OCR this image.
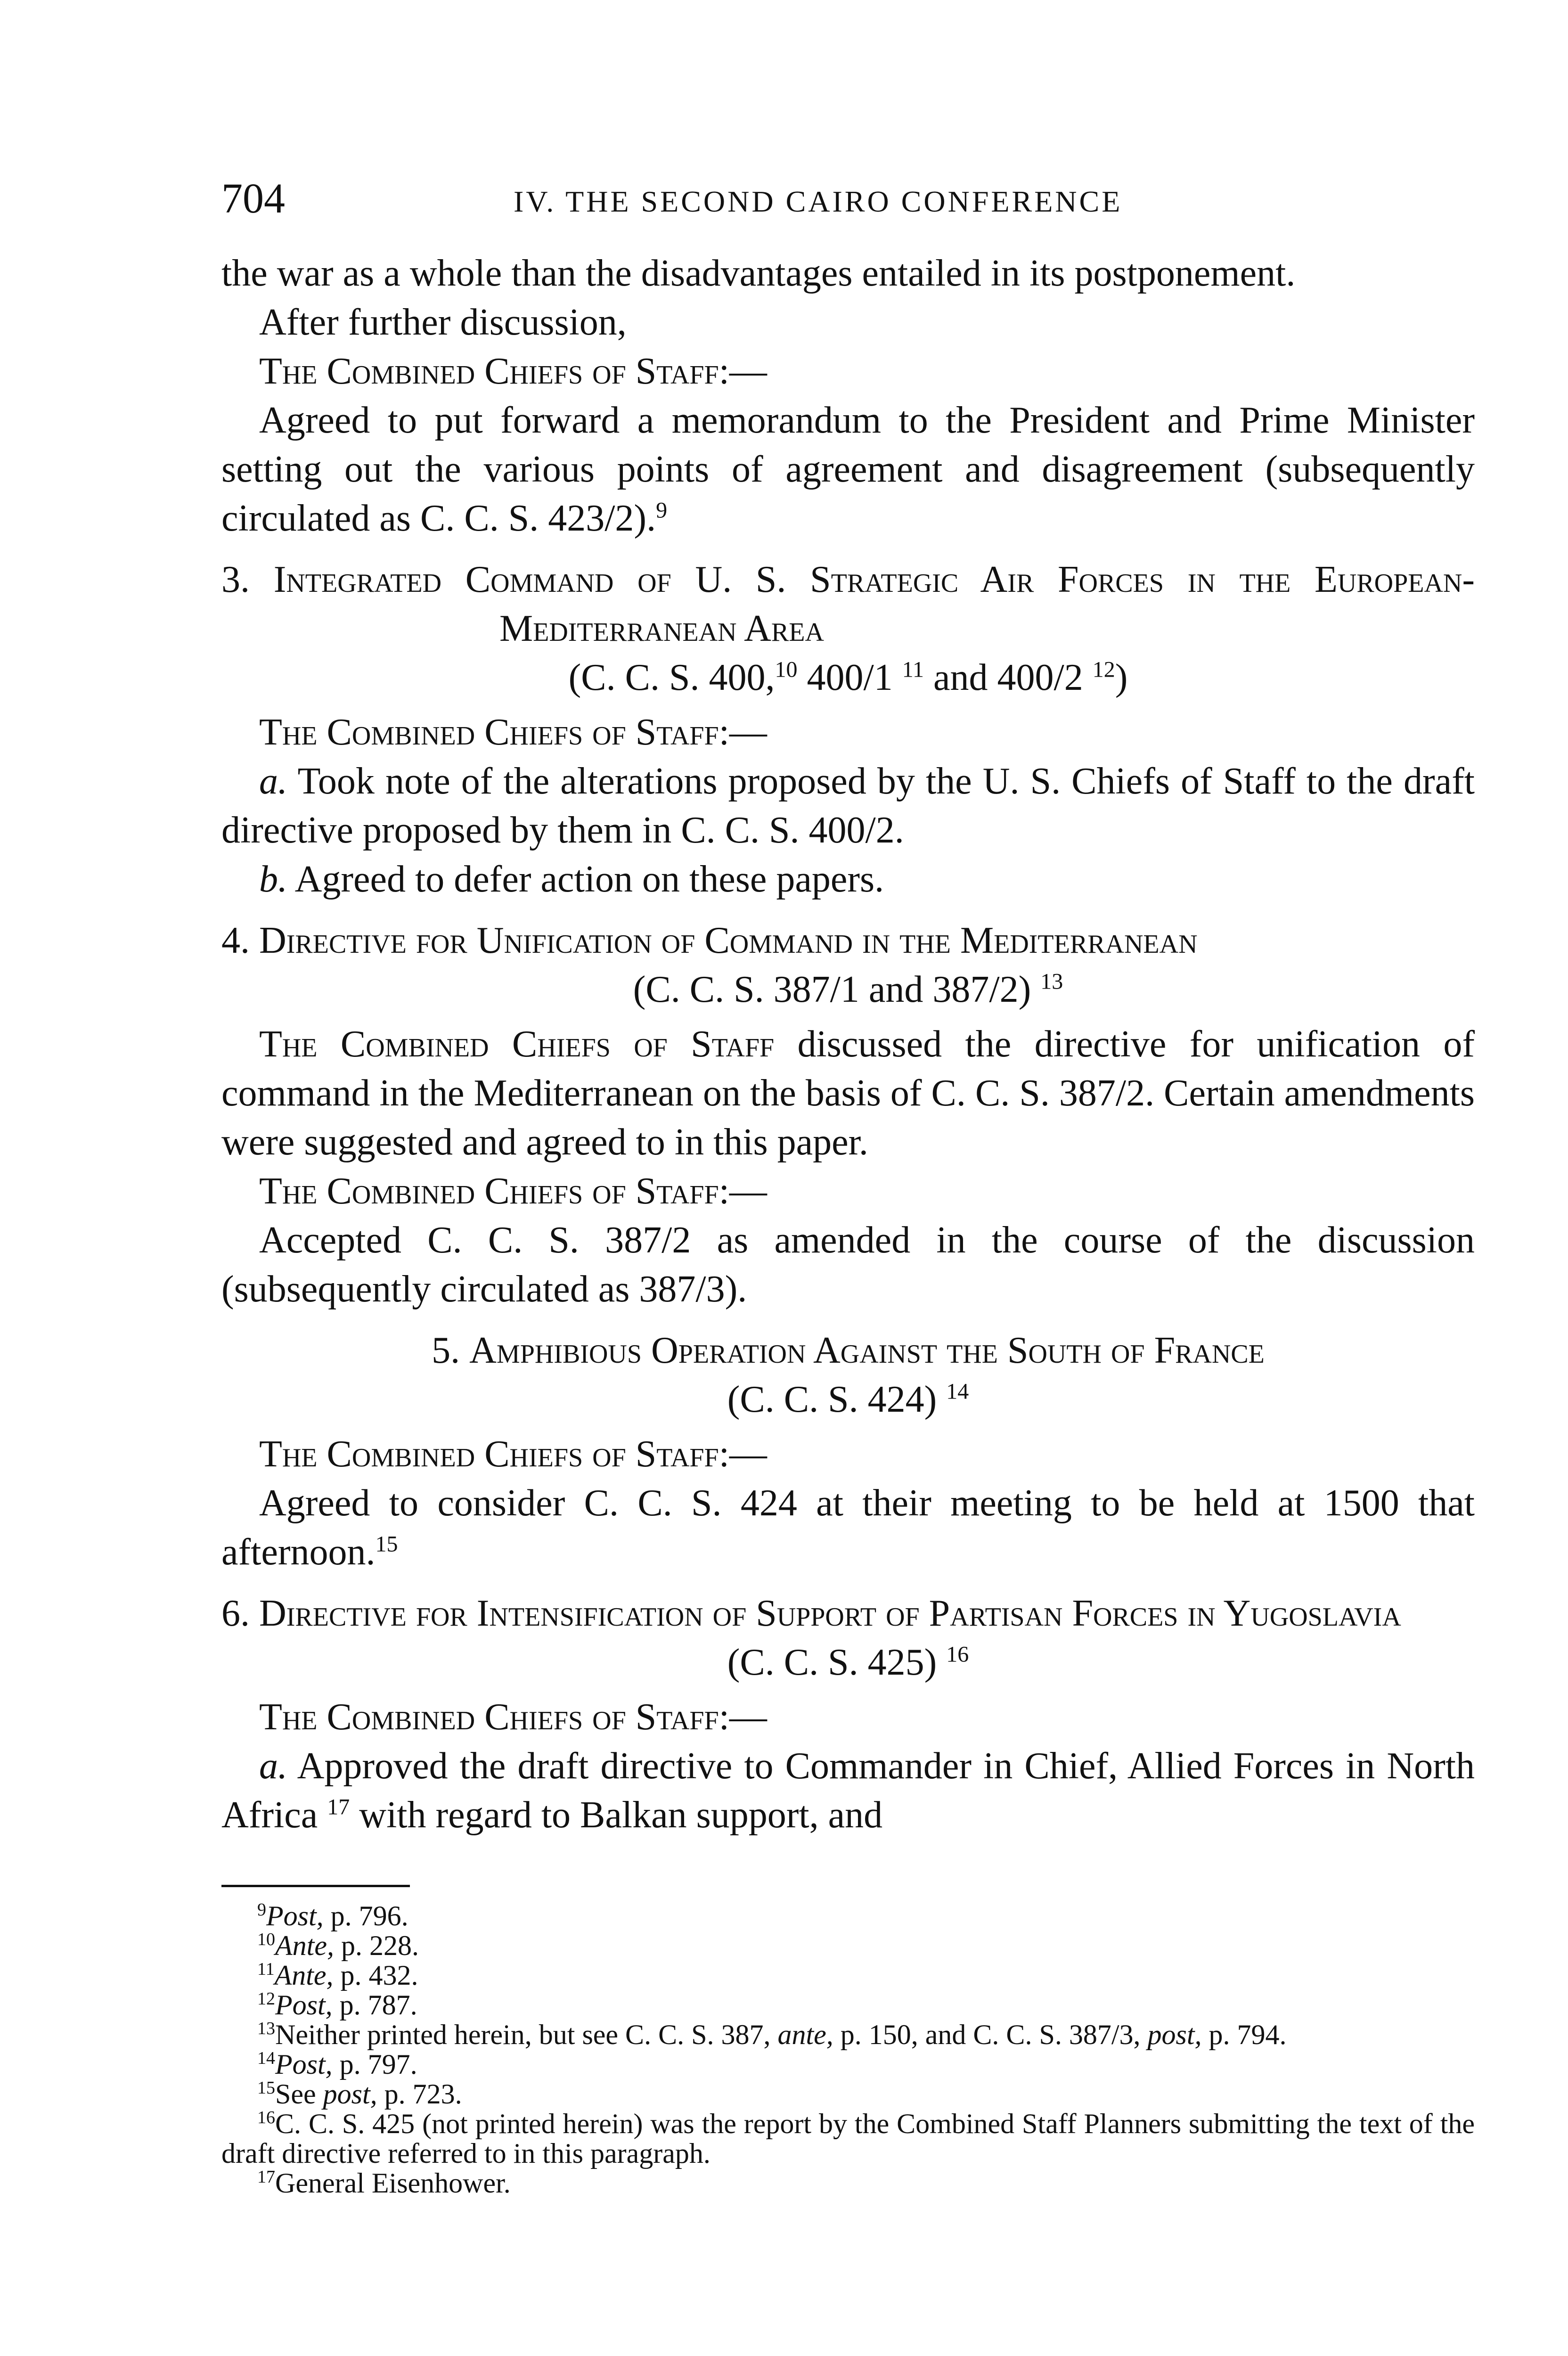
704	IV. THE SECOND CAIRO CONFERENCE

the war as a whole than the disadvantages entailed in its postponement.

After further discussion,

The Combined Chiefs of Staff:—

Agreed to put forward a memorandum to the President and Prime Minister setting out the various points of agreement and disagreement (subsequently circulated as C. C. S. 423/2).$^9$

3. Integrated Command of U. S. Strategic Air Forces in the European-Mediterranean Area

(C. C. S. 400,10 400/1 $^{11}$ and 400/2 $^{12}$)

The Combined Chiefs of Staff:—

a. Took note of the alterations proposed by the U. S. Chiefs of Staff to the draft directive proposed by them in C. C. S. 400/2.

b. Agreed to defer action on these papers.

4. Directive for Unification of Command in the Mediterranean

(C. C. S. 387/1 and 387/2) $^{13}$

The Combined Chiefs of Staff discussed the directive for unification of command in the Mediterranean on the basis of C. C. S. 387/2. Certain amendments were suggested and agreed to in this paper.

The Combined Chiefs of Staff:—

Accepted C. C. S. 387/2 as amended in the course of the discussion (subsequently circulated as 387/3).

5. Amphibious Operation Against the South of France

(C. C. S. 424) $^{14}$

The Combined Chiefs of Staff:—

Agreed to consider C. C. S. 424 at their meeting to be held at 1500 that afternoon.$^{15}$

6. Directive for Intensification of Support of Partisan Forces in Yugoslavia

(C. C. S. 425) $^{16}$

The Combined Chiefs of Staff:—

a. Approved the draft directive to Commander in Chief, Allied Forces in North Africa $^{17}$ with regard to Balkan support, and

$^9$Post, p. 796.

$^{10}$Ante, p. 228.

$^{11}$Ante, p. 432.

$^{12}$Post, p. 787.

$^{13}$Neither printed herein, but see C. C. S. 387, ante, p. 150, and C. C. S. 387/3, post, p. 794.

$^{14}$Post, p. 797.

$^{15}$See post, p. 723.

$^{16}$C. C. S. 425 (not printed herein) was the report by the Combined Staff Planners submitting the text of the draft directive referred to in this paragraph.

$^{17}$General Eisenhower.
